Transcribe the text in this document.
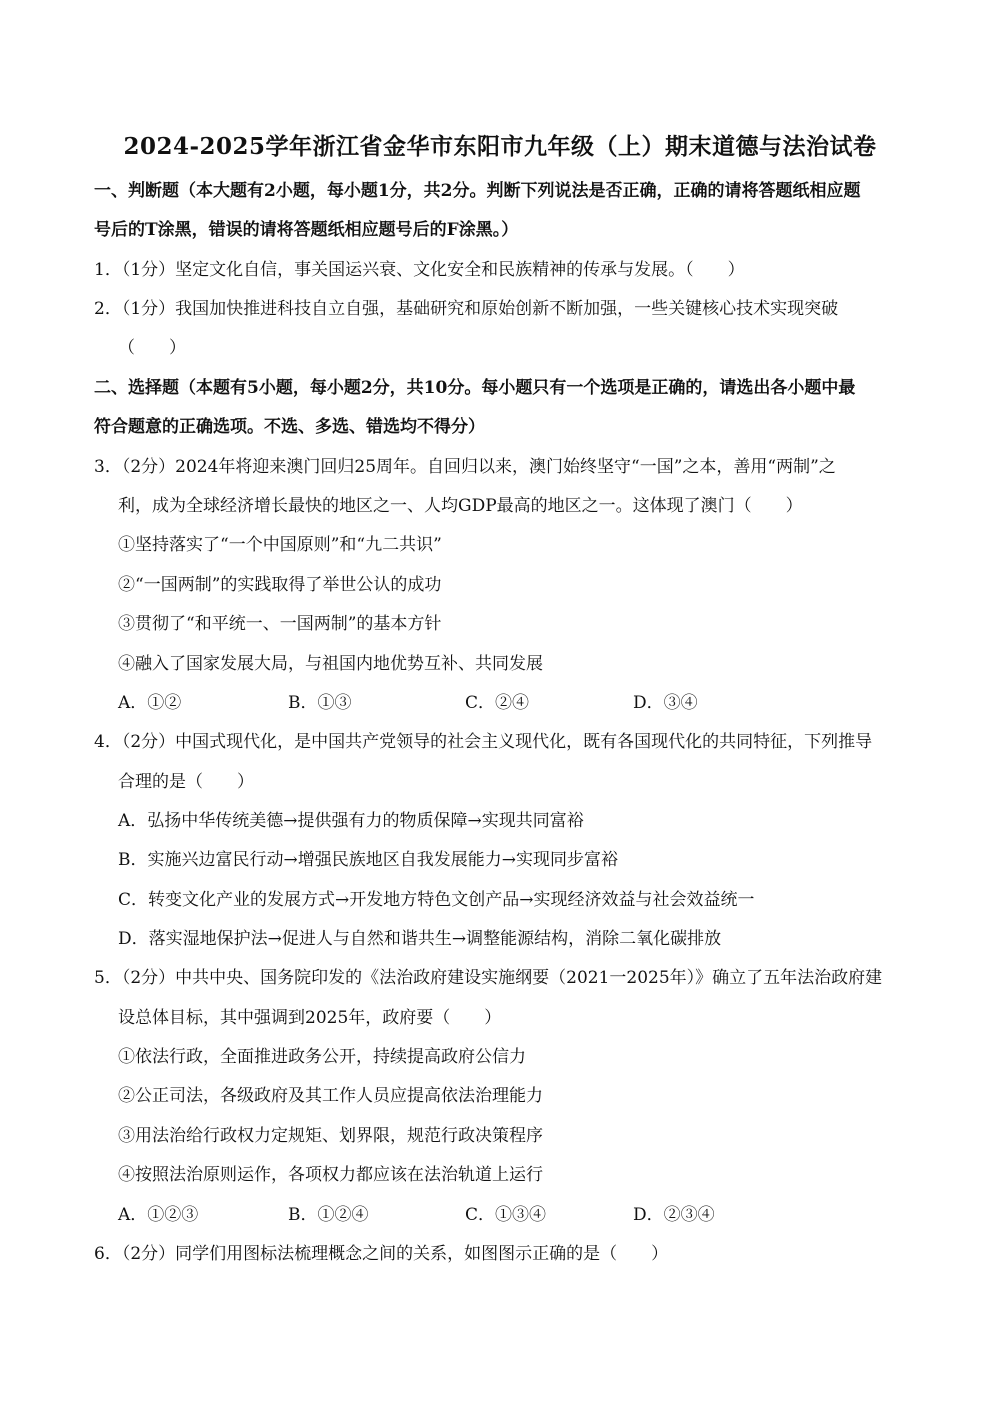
2024-2025学年浙江省金华市东阳市九年级（上）期末道德与法治试卷
一、判断题（本大题有2小题，每小题1分，共2分。判断下列说法是否正确，正确的请将答题纸相应题
号后的T涂黑，错误的请将答题纸相应题号后的F涂黑。）
1．（1分）坚定文化自信，事关国运兴衰、文化安全和民族精神的传承与发展。（　　）
2．（1分）我国加快推进科技自立自强，基础研究和原始创新不断加强，一些关键核心技术实现突破
（　　）
二、选择题（本题有5小题，每小题2分，共10分。每小题只有一个选项是正确的，请选出各小题中最
符合题意的正确选项。不选、多选、错选均不得分）
3．（2分）2024年将迎来澳门回归25周年。自回归以来，澳门始终坚守“一国”之本，善用“两制”之
利，成为全球经济增长最快的地区之一、人均GDP最高的地区之一。这体现了澳门（　　）
①坚持落实了“一个中国原则”和“九二共识”
②“一国两制”的实践取得了举世公认的成功
③贯彻了“和平统一、一国两制”的基本方针
④融入了国家发展大局，与祖国内地优势互补、共同发展
A．①②	B．①③	C．②④	D．③④
4．（2分）中国式现代化，是中国共产党领导的社会主义现代化，既有各国现代化的共同特征，下列推导
合理的是（　　）
A．弘扬中华传统美德→提供强有力的物质保障→实现共同富裕
B．实施兴边富民行动→增强民族地区自我发展能力→实现同步富裕
C．转变文化产业的发展方式→开发地方特色文创产品→实现经济效益与社会效益统一
D．落实湿地保护法→促进人与自然和谐共生→调整能源结构，消除二氧化碳排放
5．（2分）中共中央、国务院印发的《法治政府建设实施纲要（2021一2025年）》确立了五年法治政府建
设总体目标，其中强调到2025年，政府要（　　）
①依法行政，全面推进政务公开，持续提高政府公信力
②公正司法，各级政府及其工作人员应提高依法治理能力
③用法治给行政权力定规矩、划界限，规范行政决策程序
④按照法治原则运作，各项权力都应该在法治轨道上运行
A．①②③	B．①②④	C．①③④	D．②③④
6．（2分）同学们用图标法梳理概念之间的关系，如图图示正确的是（　　）
